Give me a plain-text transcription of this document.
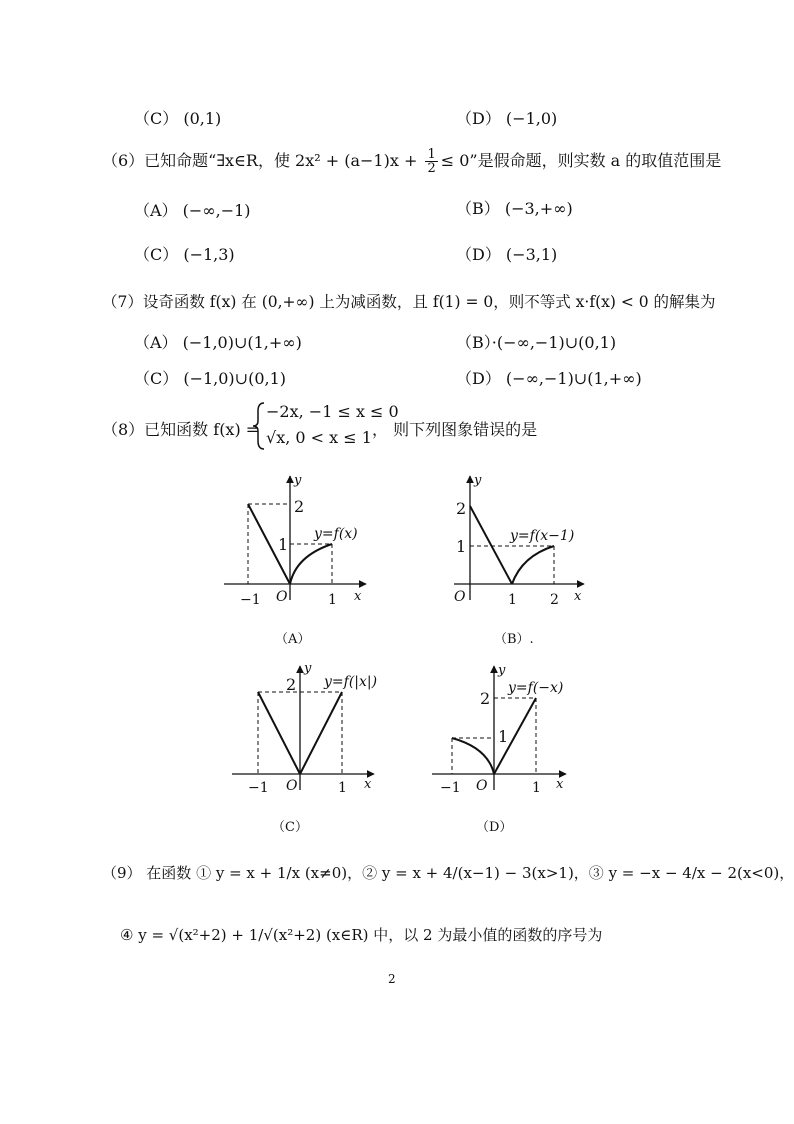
（C） (0,1)	（D） (−1,0)
（6）已知命题“∃x∈R，使 $2x^2 + (a-1)x + \frac{1}{2} \le 0$”是假命题，则实数 a 的取值范围是
（A） (−∞,−1)	（B） (−3,+∞)
（C） (−1,3)	（D） (−3,1)
（7）设奇函数 f(x) 在 (0,+∞) 上为减函数，且 f(1) = 0，则不等式 x·f(x) < 0 的解集为
（A） (−1,0)∪(1,+∞)	（B）·(−∞,−1)∪(0,1)
（C） (−1,0)∪(0,1)	（D） (−∞,−1)∪(1,+∞)
（8）已知函数 f(x) =
−2x, −1 ≤ x ≤ 0
√x, 0 < x ≤ 1 ， 则下列图象错误的是
x
y
−1 O	1
2
1
y=f(x)
（A）
x
y
O	1 2
2
1
y=f(x−1)
（B）.
x
y
−1 O	1
2 y=f(|x|)
（C）
x
y
−1 O	1
2
1
y=f(−x)
（D）
（9） 在函数 ① y = x + 1/x (x≠0)，② y = x + 4/(x−1) − 3(x>1)，③ y = −x − 4/x − 2(x<0)，
④ y = √(x²+2) + 1/√(x²+2) (x∈R) 中，以 2 为最小值的函数的序号为
2
